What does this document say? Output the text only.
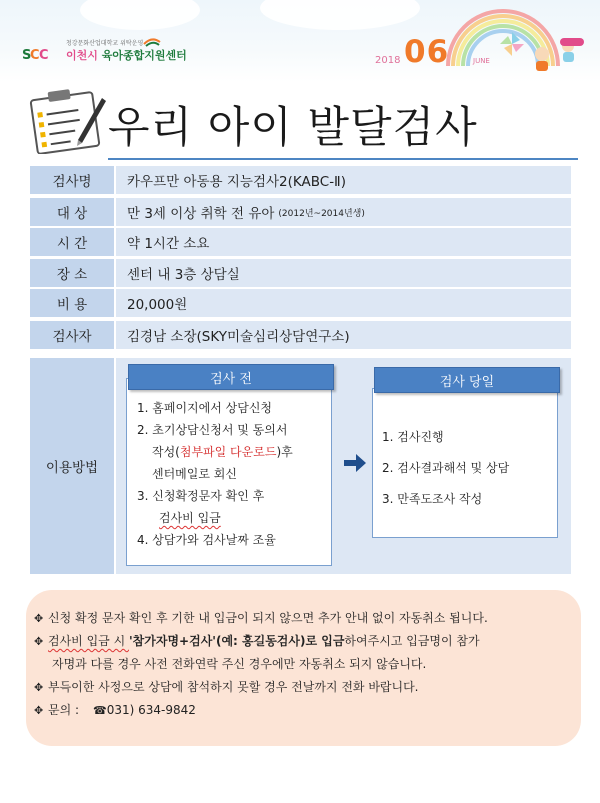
S
C C
청강문화산업대학교 위탁운영
이천시 육아종합지원센터	2018 06	JUNE
우리 아이 발달검사
검사명	카우프만 아동용 지능검사2(KABC-Ⅱ)
대 상	만 3세 이상 취학 전 유아 (2012년~2014년생)
시 간	약 1시간 소요
장 소	센터 내 3층 상담실
비 용	20,000원
검사자	김경남 소장(SKY미술심리상담연구소)
이용방법
검사 전
1. 홈페이지에서 상담신청
2. 초기상담신청서 및 동의서
작성(첨부파일 다운로드)후
센터메일로 회신
3. 신청확정문자 확인 후
검사비 입금
4. 상담가와 검사날짜 조율
검사 당일
1. 검사진행
2. 검사결과해석 및 상담
3. 만족도조사 작성
✥신청 확정 문자 확인 후 기한 내 입금이 되지 않으면 추가 안내 없이 자동취소 됩니다.
✥검사비 입금 시 '참가자명+검사'(예: 홍길동검사)로 입금하여주시고 입금명이 참가
자명과 다를 경우 사전 전화연락 주신 경우에만 자동취소 되지 않습니다.
✥부득이한 사정으로 상담에 참석하지 못할 경우 전날까지 전화 바랍니다.
✥문의 : ☎031) 634-9842
